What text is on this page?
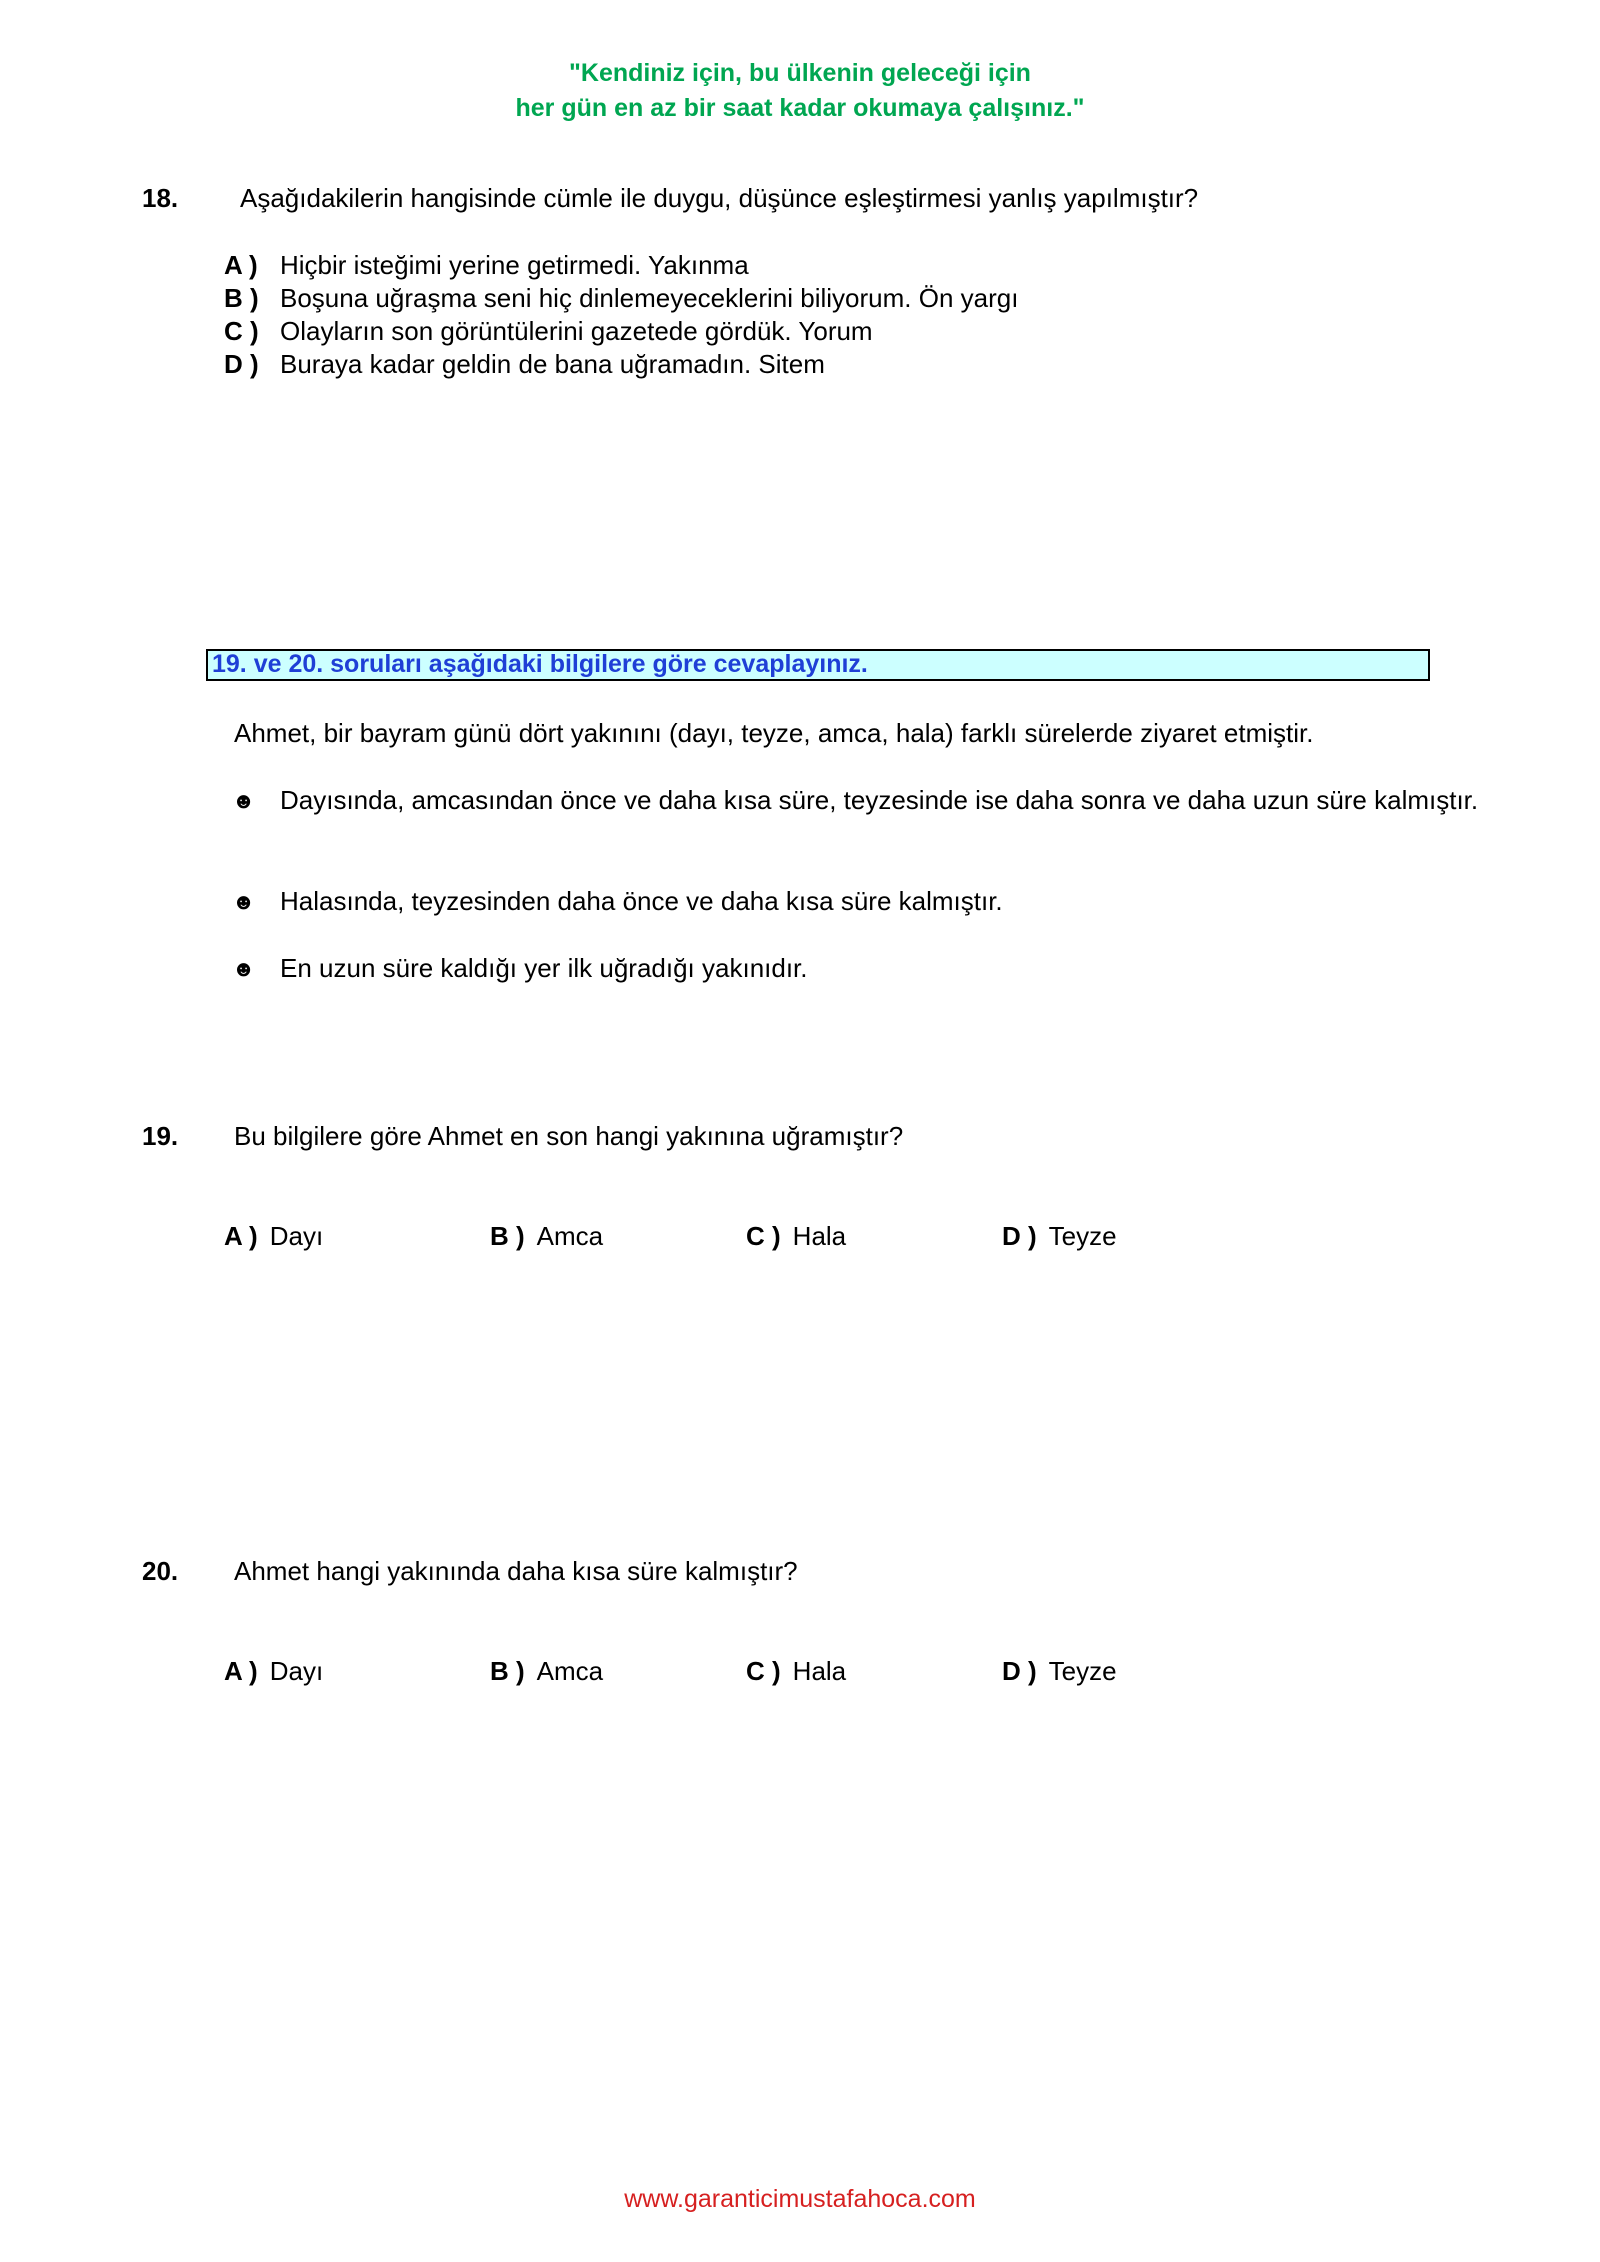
"Kendiniz için, bu ülkenin geleceği için
her gün en az bir saat kadar okumaya çalışınız."
18. Aşağıdakilerin hangisinde cümle ile duygu, düşünce eşleştirmesi yanlış yapılmıştır?
A ) Hiçbir isteğimi yerine getirmedi. Yakınma
B ) Boşuna uğraşma seni hiç dinlemeyeceklerini biliyorum. Ön yargı
C ) Olayların son görüntülerini gazetede gördük. Yorum
D ) Buraya kadar geldin de bana uğramadın. Sitem
19. ve 20. soruları aşağıdaki bilgilere göre cevaplayınız.
Ahmet, bir bayram günü dört yakınını (dayı, teyze, amca, hala) farklı sürelerde ziyaret etmiştir.
☻ Dayısında, amcasından önce ve daha kısa süre, teyzesinde ise daha sonra ve daha uzun süre kalmıştır.
☻ Halasında, teyzesinden daha önce ve daha kısa süre kalmıştır.
☻ En uzun süre kaldığı yer ilk uğradığı yakınıdır.
19. Bu bilgilere göre Ahmet en son hangi yakınına uğramıştır?
A ) Dayı	B ) Amca	C ) Hala	D ) Teyze
20. Ahmet hangi yakınında daha kısa süre kalmıştır?
A ) Dayı	B ) Amca	C ) Hala	D ) Teyze
www.garanticimustafahoca.com
